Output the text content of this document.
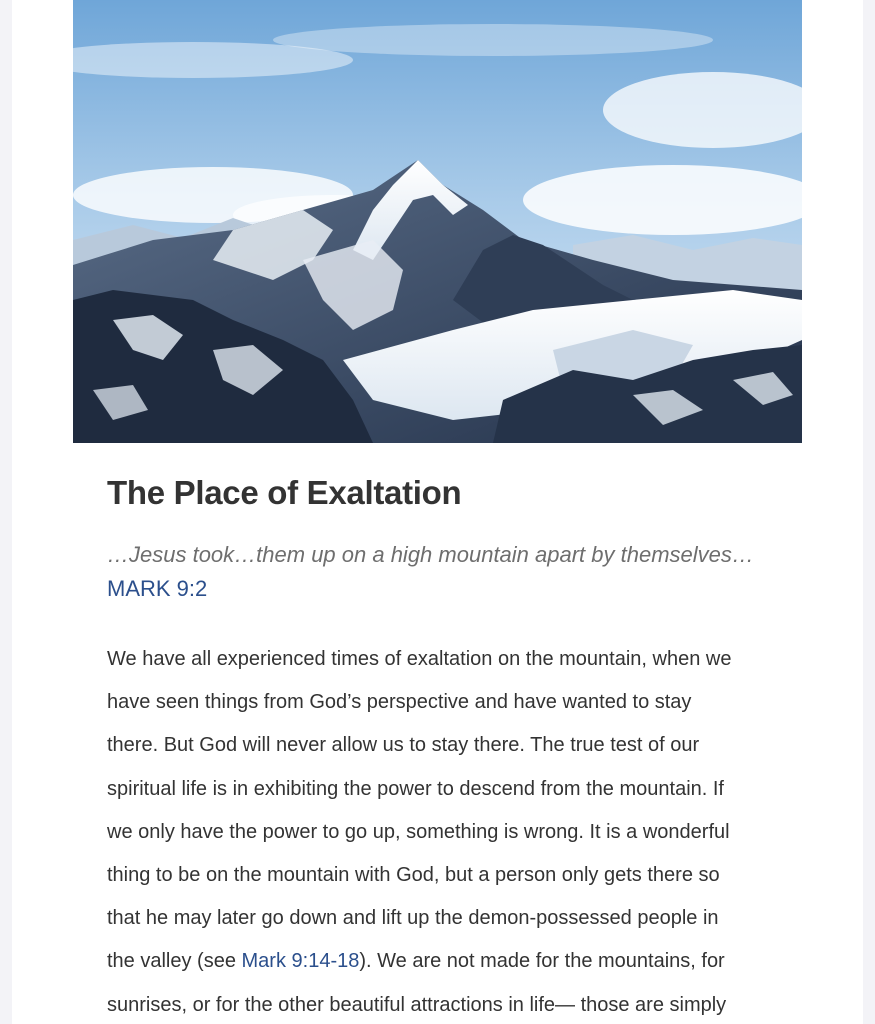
The Place of Exaltation
…Jesus took…them up on a high mountain apart by themselves…
MARK 9:2
We have all experienced times of exaltation on the mountain, when we
have seen things from God’s perspective and have wanted to stay
there. But God will never allow us to stay there. The true test of our
spiritual life is in exhibiting the power to descend from the mountain. If
we only have the power to go up, something is wrong. It is a wonderful
thing to be on the mountain with God, but a person only gets there so
that he may later go down and lift up the demon-possessed people in
the valley (see Mark 9:14-18). We are not made for the mountains, for
sunrises, or for the other beautiful attractions in life— those are simply
